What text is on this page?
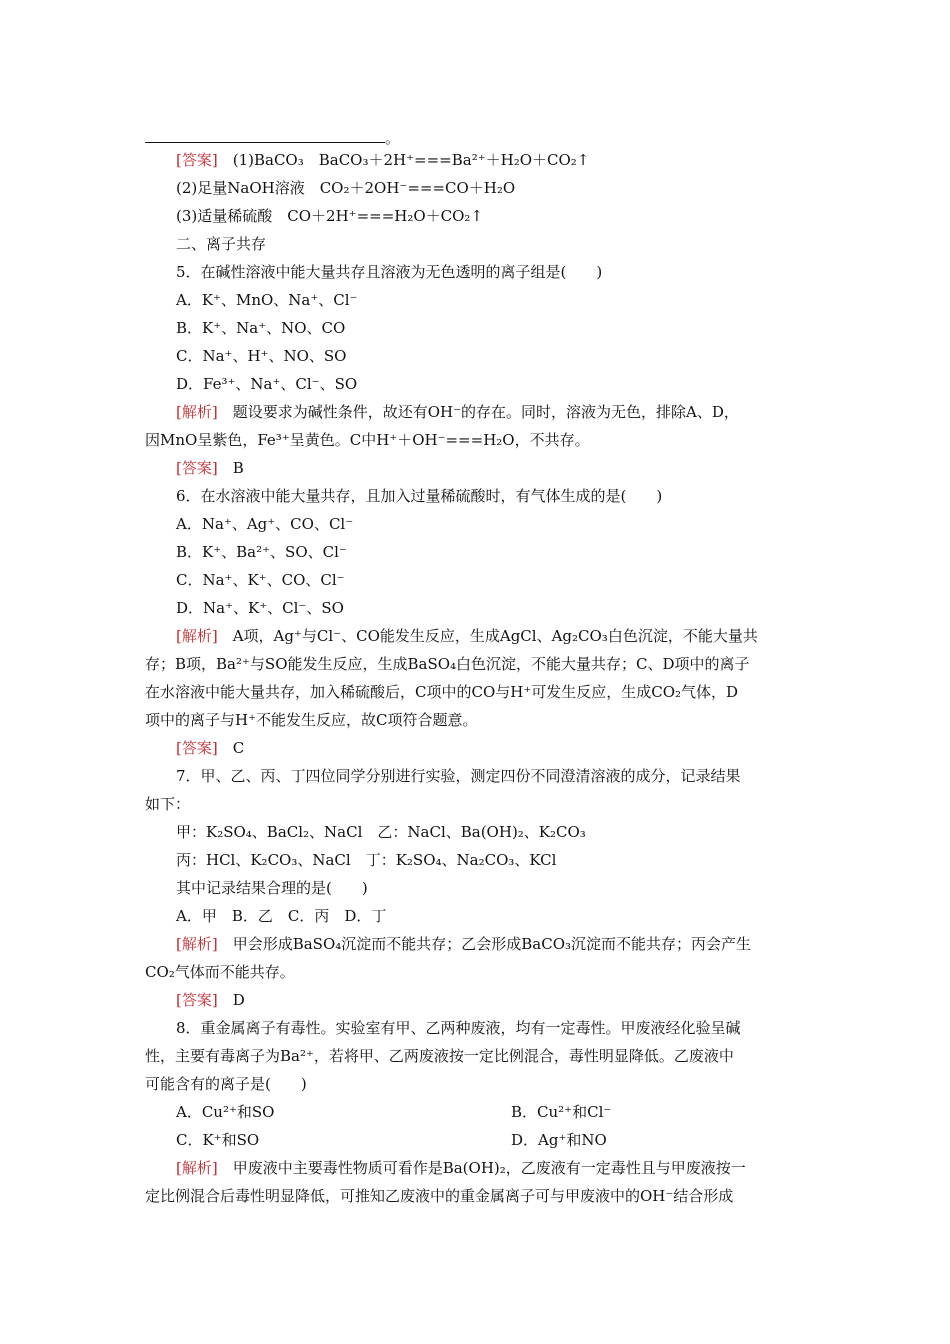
。
[答案]　 (1)BaCO₃　BaCO₃＋2H⁺===Ba²⁺＋H₂O＋CO₂↑
(2)足量NaOH溶液　CO₂＋2OH⁻===CO＋H₂O
(3)适量稀硫酸　CO＋2H⁺===H₂O＋CO₂↑
二、离子共存
5．在碱性溶液中能大量共存且溶液为无色透明的离子组是(　　)
A．K⁺、MnO、Na⁺、Cl⁻
B．K⁺、Na⁺、NO、CO
C．Na⁺、H⁺、NO、SO
D．Fe³⁺、Na⁺、Cl⁻、SO
[解析]　题设要求为碱性条件，故还有OH⁻的存在。同时，溶液为无色，排除A、D，
因MnO呈紫色，Fe³⁺呈黄色。C中H⁺＋OH⁻===H₂O，不共存。
[答案]　B
6．在水溶液中能大量共存，且加入过量稀硫酸时，有气体生成的是(　　)
A．Na⁺、Ag⁺、CO、Cl⁻
B．K⁺、Ba²⁺、SO、Cl⁻
C．Na⁺、K⁺、CO、Cl⁻
D．Na⁺、K⁺、Cl⁻、SO
[解析]　A项，Ag⁺与Cl⁻、CO能发生反应，生成AgCl、Ag₂CO₃白色沉淀，不能大量共
存；B项，Ba²⁺与SO能发生反应，生成BaSO₄白色沉淀，不能大量共存；C、D项中的离子
在水溶液中能大量共存，加入稀硫酸后，C项中的CO与H⁺可发生反应，生成CO₂气体，D
项中的离子与H⁺不能发生反应，故C项符合题意。
[答案]　C
7．甲、乙、丙、丁四位同学分别进行实验，测定四份不同澄清溶液的成分，记录结果
如下：
甲：K₂SO₄、BaCl₂、NaCl　乙：NaCl、Ba(OH)₂、K₂CO₃
丙：HCl、K₂CO₃、NaCl　丁：K₂SO₄、Na₂CO₃、KCl
其中记录结果合理的是(　　)
A．甲　B．乙　C．丙　D．丁
[解析]　甲会形成BaSO₄沉淀而不能共存；乙会形成BaCO₃沉淀而不能共存；丙会产生
CO₂气体而不能共存。
[答案]　D
8．重金属离子有毒性。实验室有甲、乙两种废液，均有一定毒性。甲废液经化验呈碱
性，主要有毒离子为Ba²⁺，若将甲、乙两废液按一定比例混合，毒性明显降低。乙废液中
可能含有的离子是(　　)
A．Cu²⁺和SO	B．Cu²⁺和Cl⁻
C．K⁺和SO	D．Ag⁺和NO
[解析]　甲废液中主要毒性物质可看作是Ba(OH)₂，乙废液有一定毒性且与甲废液按一
定比例混合后毒性明显降低，可推知乙废液中的重金属离子可与甲废液中的OH⁻结合形成
